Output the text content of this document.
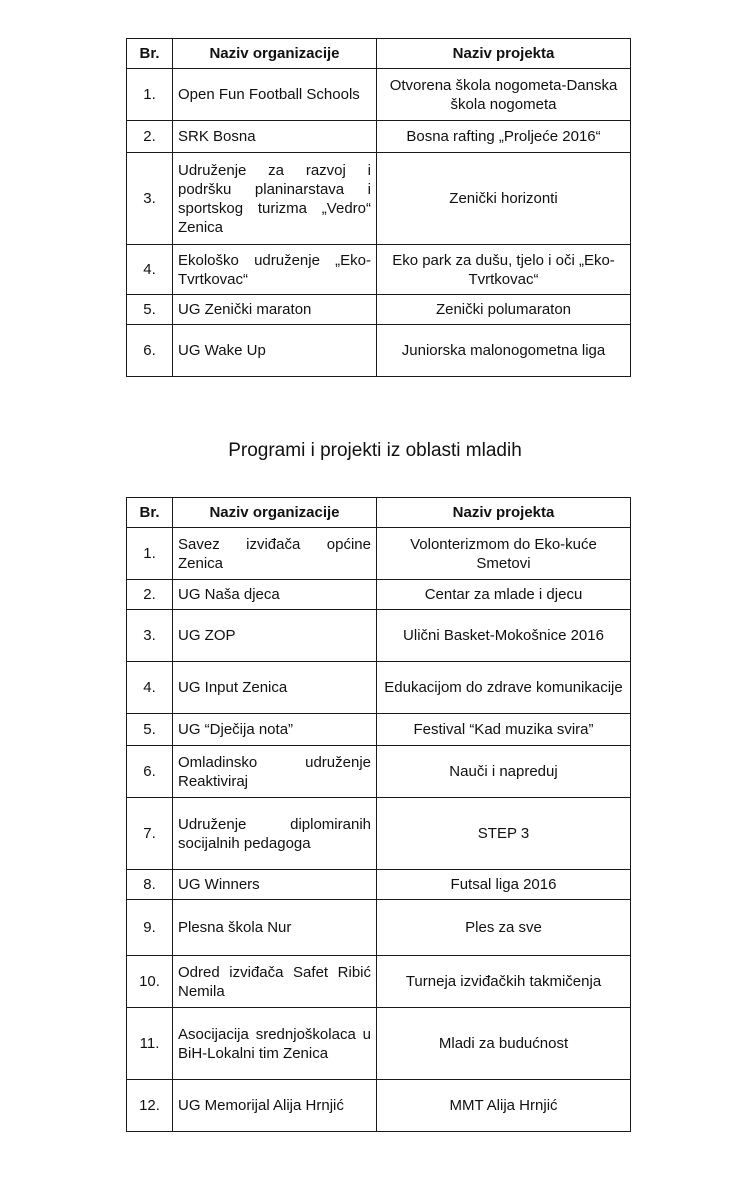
Br.	Naziv organizacije	Naziv projekta
1.	Open Fun Football Schools	Otvorena škola nogometa-Danska škola nogometa
2.	SRK Bosna	Bosna rafting „Proljeće 2016“
3.	Udruženje za razvoj i podršku planinarstava i sportskog turizma „Vedro“ Zenica	Zenički horizonti
4.	Ekološko udruženje „Eko-Tvrtkovac“	Eko park za dušu, tjelo i oči „Eko-Tvrtkovac“
5.	UG Zenički maraton	Zenički polumaraton
6.	UG Wake Up	Juniorska malonogometna liga
Programi i projekti iz oblasti mladih
Br.	Naziv organizacije	Naziv projekta
1.	Savez izviđača općine Zenica	Volonterizmom do Eko-kuće Smetovi
2.	UG Naša djeca	Centar za mlade i djecu
3.	UG ZOP	Ulični Basket-Mokošnice 2016
4.	UG Input Zenica	Edukacijom do zdrave komunikacije
5.	UG “Dječija nota”	Festival “Kad muzika svira”
6.	Omladinsko udruženje Reaktiviraj	Nauči i napreduj
7.	Udruženje diplomiranih socijalnih pedagoga	STEP 3
8.	UG Winners	Futsal liga 2016
9.	Plesna škola Nur	Ples za sve
10.	Odred izviđača Safet Ribić Nemila	Turneja izviđačkih takmičenja
11.	Asocijacija srednjoškolaca u BiH-Lokalni tim Zenica	Mladi za budućnost
12.	UG Memorijal Alija Hrnjić	MMT Alija Hrnjić
